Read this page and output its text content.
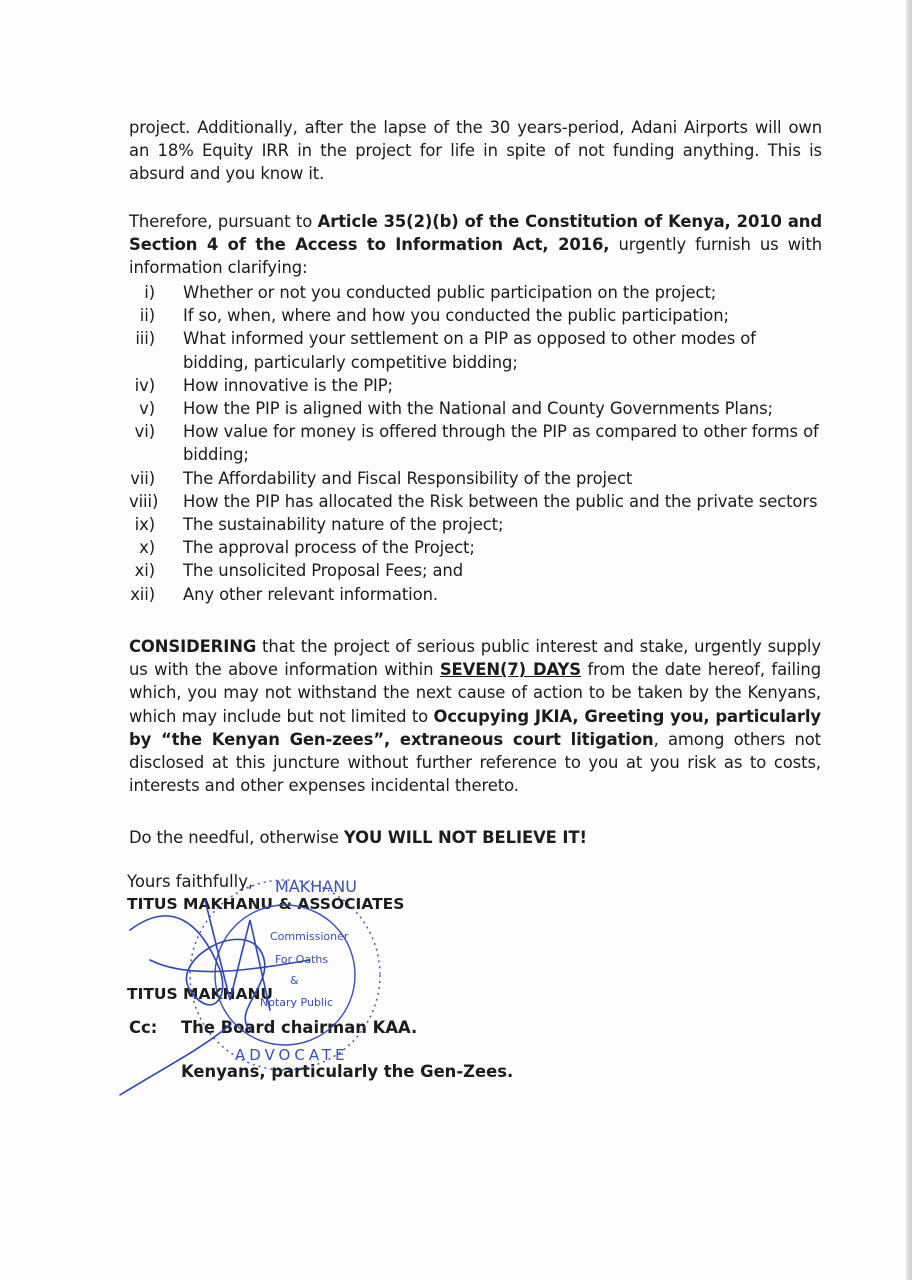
project. Additionally, after the lapse of the 30 years-period, Adani Airports will own an 18% Equity IRR in the project for life in spite of not funding anything. This is absurd and you know it.

Therefore, pursuant to Article 35(2)(b) of the Constitution of Kenya, 2010 and Section 4 of the Access to Information Act, 2016, urgently furnish us with information clarifying:

i) Whether or not you conducted public participation on the project;
ii) If so, when, where and how you conducted the public participation;
iii) What informed your settlement on a PIP as opposed to other modes of bidding, particularly competitive bidding;
iv) How innovative is the PIP;
v) How the PIP is aligned with the National and County Governments Plans;
vi) How value for money is offered through the PIP as compared to other forms of bidding;
vii) The Affordability and Fiscal Responsibility of the project
viii) How the PIP has allocated the Risk between the public and the private sectors
ix) The sustainability nature of the project;
x) The approval process of the Project;
xi) The unsolicited Proposal Fees; and
xii) Any other relevant information.

CONSIDERING that the project of serious public interest and stake, urgently supply us with the above information within SEVEN(7) DAYS from the date hereof, failing which, you may not withstand the next cause of action to be taken by the Kenyans, which may include but not limited to Occupying JKIA, Greeting you, particularly by “the Kenyan Gen-zees”, extraneous court litigation, among others not disclosed at this juncture without further reference to you at you risk as to costs, interests and other expenses incidental thereto.

Do the needful, otherwise YOU WILL NOT BELIEVE IT!

Yours faithfully,
TITUS MAKHANU & ASSOCIATES
TITUS MAKHANU
Cc: The Board chairman KAA.
Kenyans, particularly the Gen-Zees.
Commissioner
For Oaths
&
Notary Public
MAKHANU
ADVOCATE
